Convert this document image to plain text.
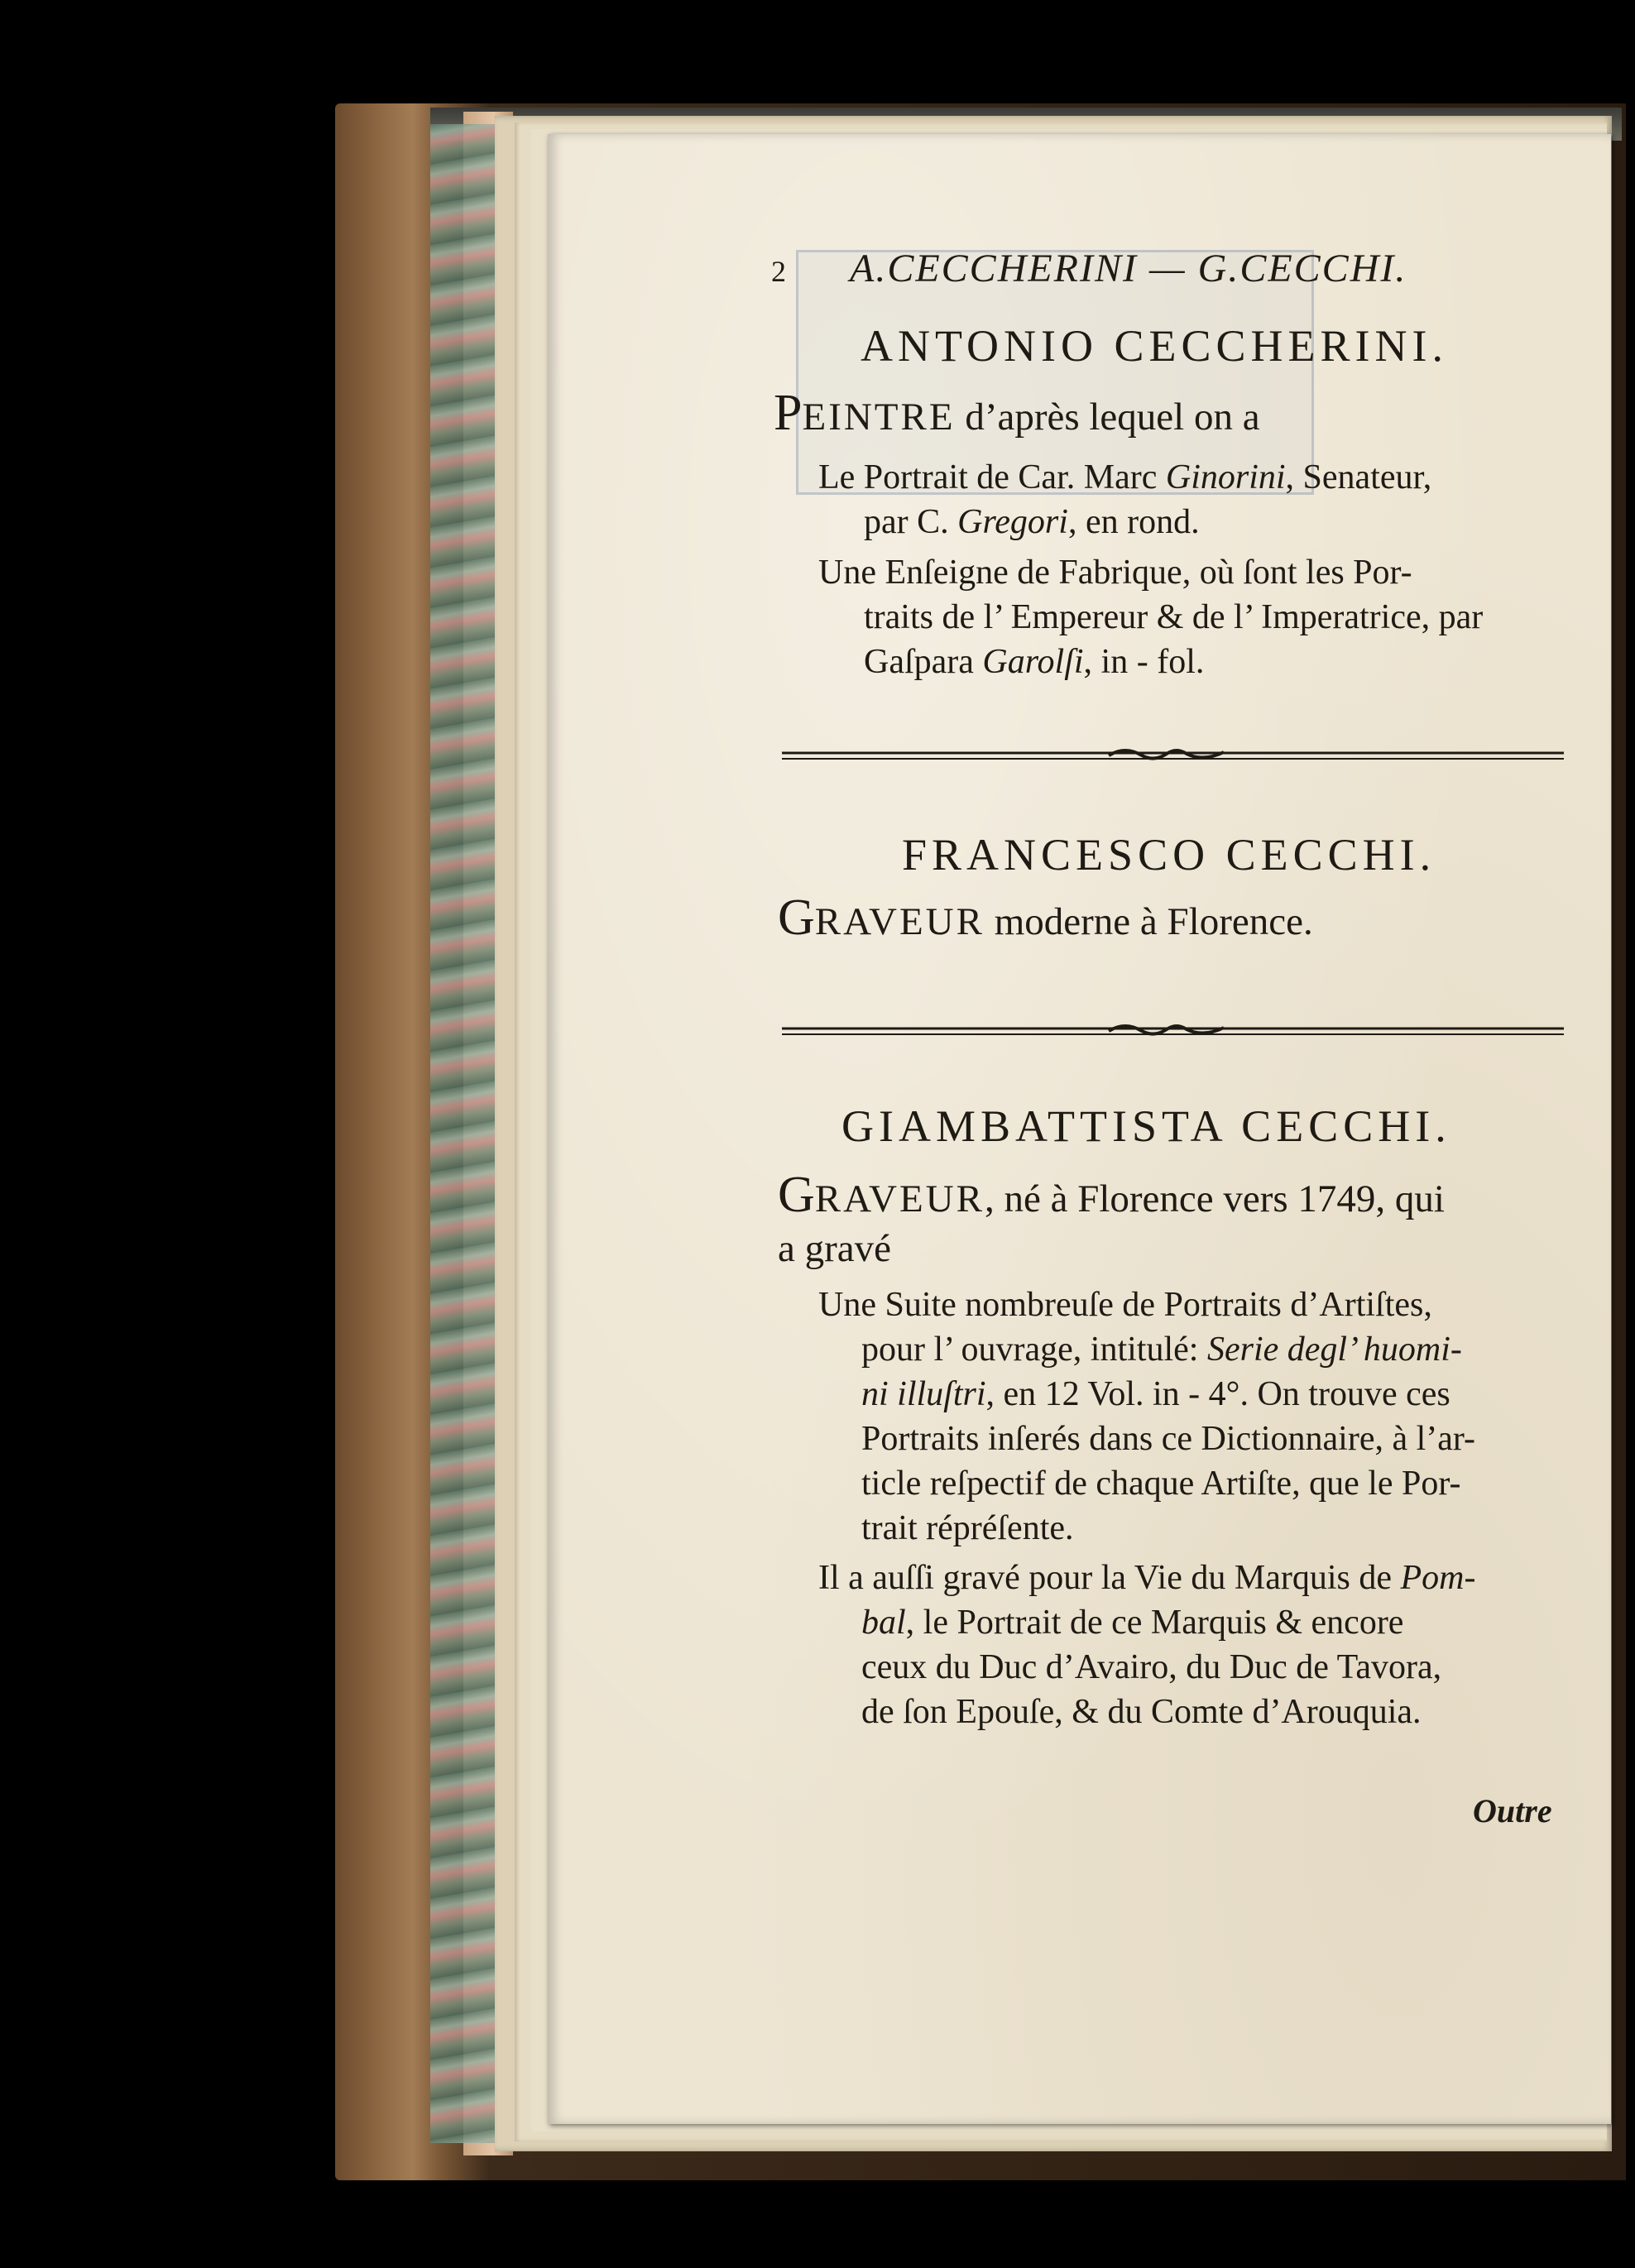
2 A.CECCHERINI — G.CECCHI.
ANTONIO CECCHERINI.
PEINTRE d’après lequel on a
Le Portrait de Car. Marc Ginorini, Senateur,
par C. Gregori, en rond.
Une Enſeigne de Fabrique, où ſont les Por-
traits de l’ Empereur & de l’ Imperatrice, par
Gaſpara Garolſi, in - fol.
FRANCESCO CECCHI.
GRAVEUR moderne à Florence.
GIAMBATTISTA CECCHI.
GRAVEUR, né à Florence vers 1749, qui
a gravé
Une Suite nombreuſe de Portraits d’Artiſtes,
pour l’ ouvrage, intitulé: Serie degl’ huomi-
ni illuſtri, en 12 Vol. in - 4°. On trouve ces
Portraits inſerés dans ce Dictionnaire, à l’ar-
ticle reſpectif de chaque Artiſte, que le Por-
trait répréſente.
Il a auſſi gravé pour la Vie du Marquis de Pom-
bal, le Portrait de ce Marquis & encore
ceux du Duc d’Avairo, du Duc de Tavora,
de ſon Epouſe, & du Comte d’Arouquia.
Outre
